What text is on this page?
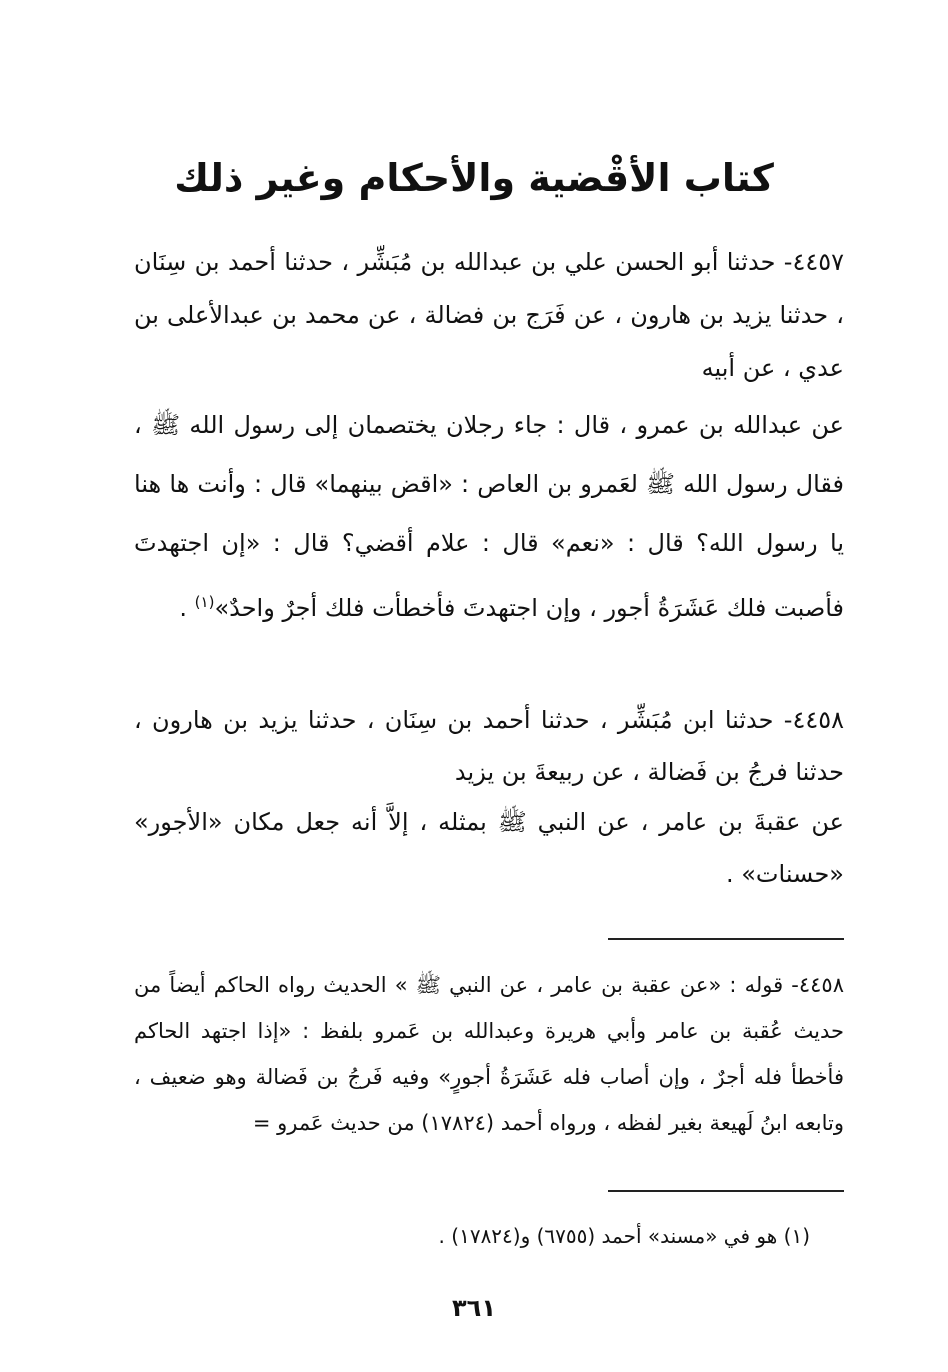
كتاب الأقْضية والأحكام وغير ذلك
٤٤٥٧- حدثنا أبو الحسن علي بن عبدالله بن مُبَشِّر ، حدثنا أحمد بن سِنَان ، حدثنا يزيد بن هارون ، عن فَرَج بن فضالة ، عن محمد بن عبدالأعلى بن عدي ، عن أبيه
عن عبدالله بن عمرو ، قال : جاء رجلان يختصمان إلى رسول الله ﷺ ، فقال رسول الله ﷺ لعَمرو بن العاص : «اقض بينهما» قال : وأنت ها هنا يا رسول الله؟ قال : «نعم» قال : علام أقضي؟ قال : «إن اجتهدتَ فأصبت فلك عَشَرَةُ أجور ، وإن اجتهدتَ فأخطأت فلك أجرٌ واحدٌ»$^{(١)}$ .
٤٤٥٨- حدثنا ابن مُبَشِّر ، حدثنا أحمد بن سِنَان ، حدثنا يزيد بن هارون ، حدثنا فرجُ بن فَضالة ، عن ربيعةَ بن يزيد
عن عقبةَ بن عامر ، عن النبي ﷺ بمثله ، إلاَّ أنه جعل مكان «الأجور» «حسنات» .
٤٤٥٨- قوله : «عن عقبة بن عامر ، عن النبي ﷺ » الحديث رواه الحاكم أيضاً من حديث عُقبة بن عامر وأبي هريرة وعبدالله بن عَمرو بلفظ : «إذا اجتهد الحاكم فأخطأ فله أجرٌ ، وإن أصاب فله عَشَرَةُ أجورٍ» وفيه فَرجُ بن فَضالة وهو ضعيف ، وتابعه ابنُ لَهيعة بغير لفظه ، ورواه أحمد (١٧٨٢٤) من حديث عَمرو =
(١) هو في «مسند» أحمد (٦٧٥٥) و(١٧٨٢٤) .
٣٦١
